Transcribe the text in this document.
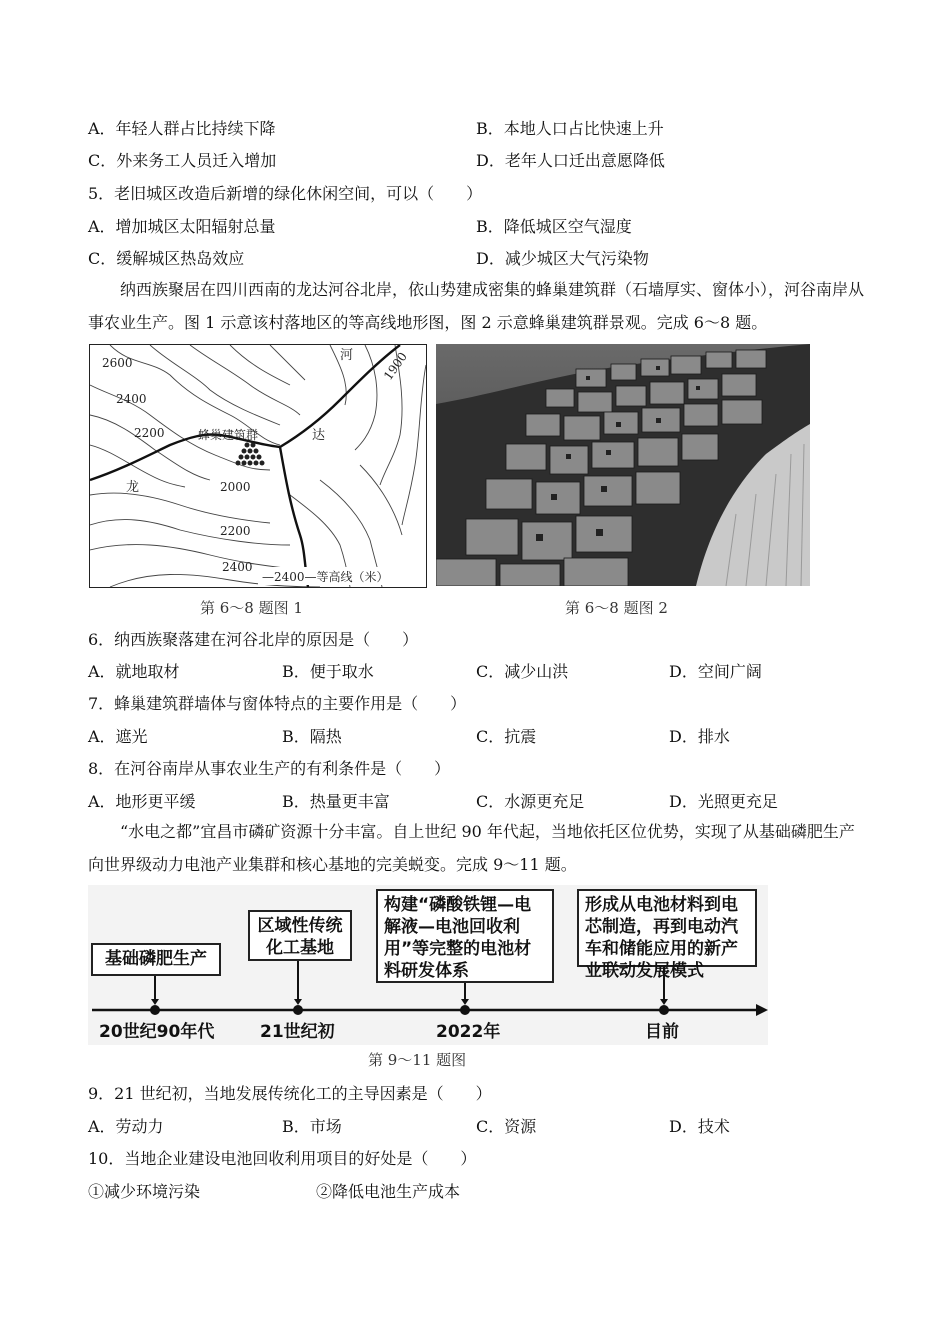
A．年轻人群占比持续下降	B．本地人口占比快速上升
C．外来务工人员迁入增加	D．老年人口迁出意愿降低
5．老旧城区改造后新增的绿化休闲空间，可以（　　）
A．增加城区太阳辐射总量	B．降低城区空气湿度
C．缓解城区热岛效应	D．减少城区大气污染物
纳西族聚居在四川西南的龙达河谷北岸，依山势建成密集的蜂巢建筑群（石墙厚实、窗体小），河谷南岸从事农业生产。图 1 示意该村落地区的等高线地形图，图 2 示意蜂巢建筑群景观。完成 6～8 题。
2600
2400
2200
2000
2200
2400
1900
河
达
龙
蜂巢建筑群
—2400—等高线（米）
第 6～8 题图 1	第 6～8 题图 2
6．纳西族聚落建在河谷北岸的原因是（　　）
A．就地取材	B．便于取水	C．减少山洪	D．空间广阔
7．蜂巢建筑群墙体与窗体特点的主要作用是（　　）
A．遮光	B．隔热	C．抗震	D．排水
8．在河谷南岸从事农业生产的有利条件是（　　）
A．地形更平缓	B．热量更丰富	C．水源更充足	D．光照更充足
“水电之都”宜昌市磷矿资源十分丰富。自上世纪 90 年代起，当地依托区位优势，实现了从基础磷肥生产向世界级动力电池产业集群和核心基地的完美蜕变。完成 9～11 题。
基础磷肥生产
区域性传统化工基地
构建“磷酸铁锂—电解液—电池回收利用”等完整的电池材料研发体系
形成从电池材料到电芯制造，再到电动汽车和储能应用的新产业联动发展模式
20世纪90年代	21世纪初	2022年	目前
第 9～11 题图
9．21 世纪初，当地发展传统化工的主导因素是（　　）
A．劳动力	B．市场	C．资源	D．技术
10．当地企业建设电池回收利用项目的好处是（　　）
①减少环境污染	②降低电池生产成本
